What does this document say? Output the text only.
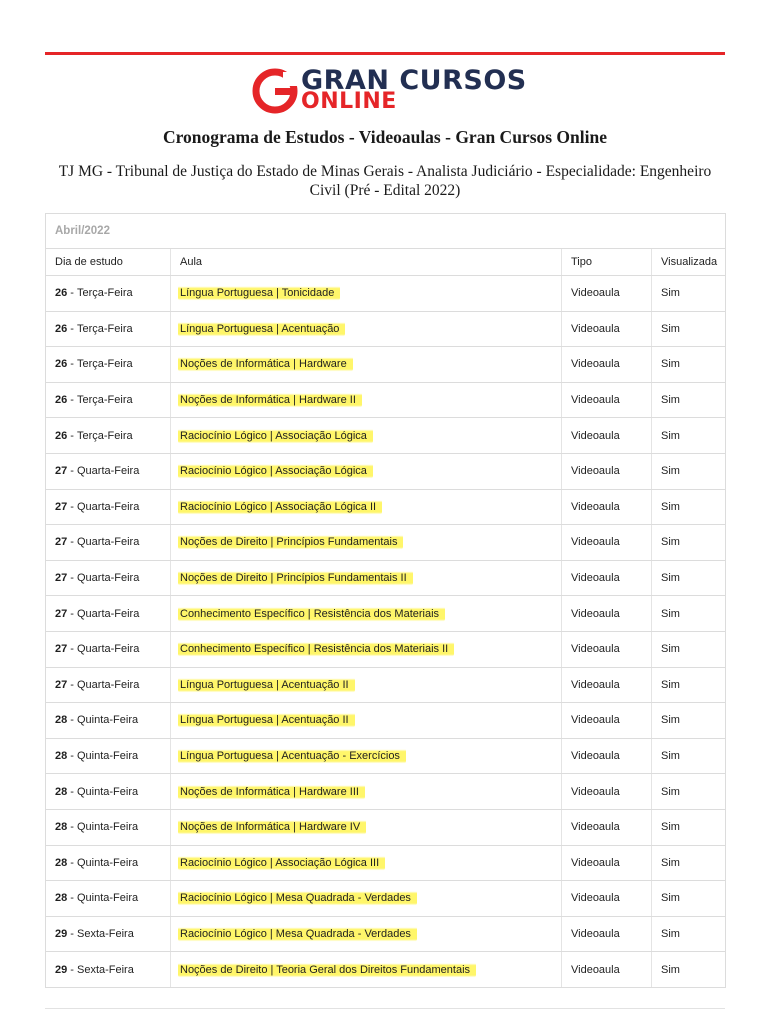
GRAN CURSOS
ONLINE
Cronograma de Estudos - Videoaulas - Gran Cursos Online
TJ MG - Tribunal de Justiça do Estado de Minas Gerais - Analista Judiciário - Especialidade: Engenheiro Civil (Pré - Edital 2022)
Abril/2022
Dia de estudo	Aula	Tipo	Visualizada
26 - Terça-Feira	Língua Portuguesa | Tonicidade	Videoaula	Sim
26 - Terça-Feira	Língua Portuguesa | Acentuação	Videoaula	Sim
26 - Terça-Feira	Noções de Informática | Hardware	Videoaula	Sim
26 - Terça-Feira	Noções de Informática | Hardware II	Videoaula	Sim
26 - Terça-Feira	Raciocínio Lógico | Associação Lógica	Videoaula	Sim
27 - Quarta-Feira	Raciocínio Lógico | Associação Lógica	Videoaula	Sim
27 - Quarta-Feira	Raciocínio Lógico | Associação Lógica II	Videoaula	Sim
27 - Quarta-Feira	Noções de Direito | Princípios Fundamentais	Videoaula	Sim
27 - Quarta-Feira	Noções de Direito | Princípios Fundamentais II	Videoaula	Sim
27 - Quarta-Feira	Conhecimento Específico | Resistência dos Materiais	Videoaula	Sim
27 - Quarta-Feira	Conhecimento Específico | Resistência dos Materiais II	Videoaula	Sim
27 - Quarta-Feira	Língua Portuguesa | Acentuação II	Videoaula	Sim
28 - Quinta-Feira	Língua Portuguesa | Acentuação II	Videoaula	Sim
28 - Quinta-Feira	Língua Portuguesa | Acentuação - Exercícios	Videoaula	Sim
28 - Quinta-Feira	Noções de Informática | Hardware III	Videoaula	Sim
28 - Quinta-Feira	Noções de Informática | Hardware IV	Videoaula	Sim
28 - Quinta-Feira	Raciocínio Lógico | Associação Lógica III	Videoaula	Sim
28 - Quinta-Feira	Raciocínio Lógico | Mesa Quadrada - Verdades	Videoaula	Sim
29 - Sexta-Feira	Raciocínio Lógico | Mesa Quadrada - Verdades	Videoaula	Sim
29 - Sexta-Feira	Noções de Direito | Teoria Geral dos Direitos Fundamentais	Videoaula	Sim
